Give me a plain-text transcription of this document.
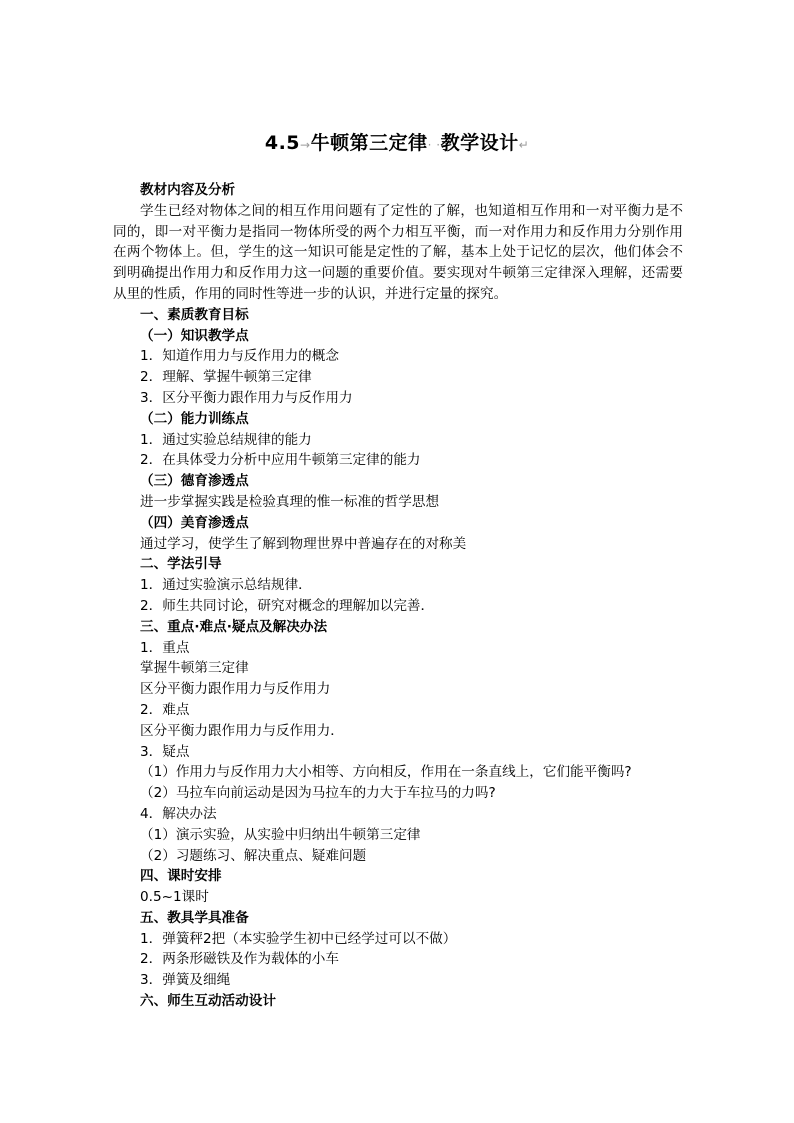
4.5→牛顿第三定律· ·教学设计↵
教材内容及分析
学生已经对物体之间的相互作用问题有了定性的了解，也知道相互作用和一对平衡力是不同的，即一对平衡力是指同一物体所受的两个力相互平衡，而一对作用力和反作用力分别作用在两个物体上。但，学生的这一知识可能是定性的了解，基本上处于记忆的层次，他们体会不到明确提出作用力和反作用力这一问题的重要价值。要实现对牛顿第三定律深入理解，还需要从里的性质，作用的同时性等进一步的认识，并进行定量的探究。
一、素质教育目标
（一）知识教学点
1．知道作用力与反作用力的概念
2．理解、掌握牛顿第三定律
3．区分平衡力跟作用力与反作用力
（二）能力训练点
1．通过实验总结规律的能力
2．在具体受力分析中应用牛顿第三定律的能力
（三）德育渗透点
进一步掌握实践是检验真理的惟一标准的哲学思想
（四）美育渗透点
通过学习，使学生了解到物理世界中普遍存在的对称美
二、学法引导
1．通过实验演示总结规律．
2．师生共同讨论，研究对概念的理解加以完善．
三、重点·难点·疑点及解决办法
1．重点
掌握牛顿第三定律
区分平衡力跟作用力与反作用力
2．难点
区分平衡力跟作用力与反作用力．
3．疑点
（1）作用力与反作用力大小相等、方向相反，作用在一条直线上，它们能平衡吗?
（2）马拉车向前运动是因为马拉车的力大于车拉马的力吗?
4．解决办法
（1）演示实验，从实验中归纳出牛顿第三定律
（2）习题练习、解决重点、疑难问题
四、课时安排
0.5~1课时
五、教具学具准备
1．弹簧秤2把（本实验学生初中已经学过可以不做）
2．两条形磁铁及作为载体的小车
3．弹簧及细绳
六、师生互动活动设计
